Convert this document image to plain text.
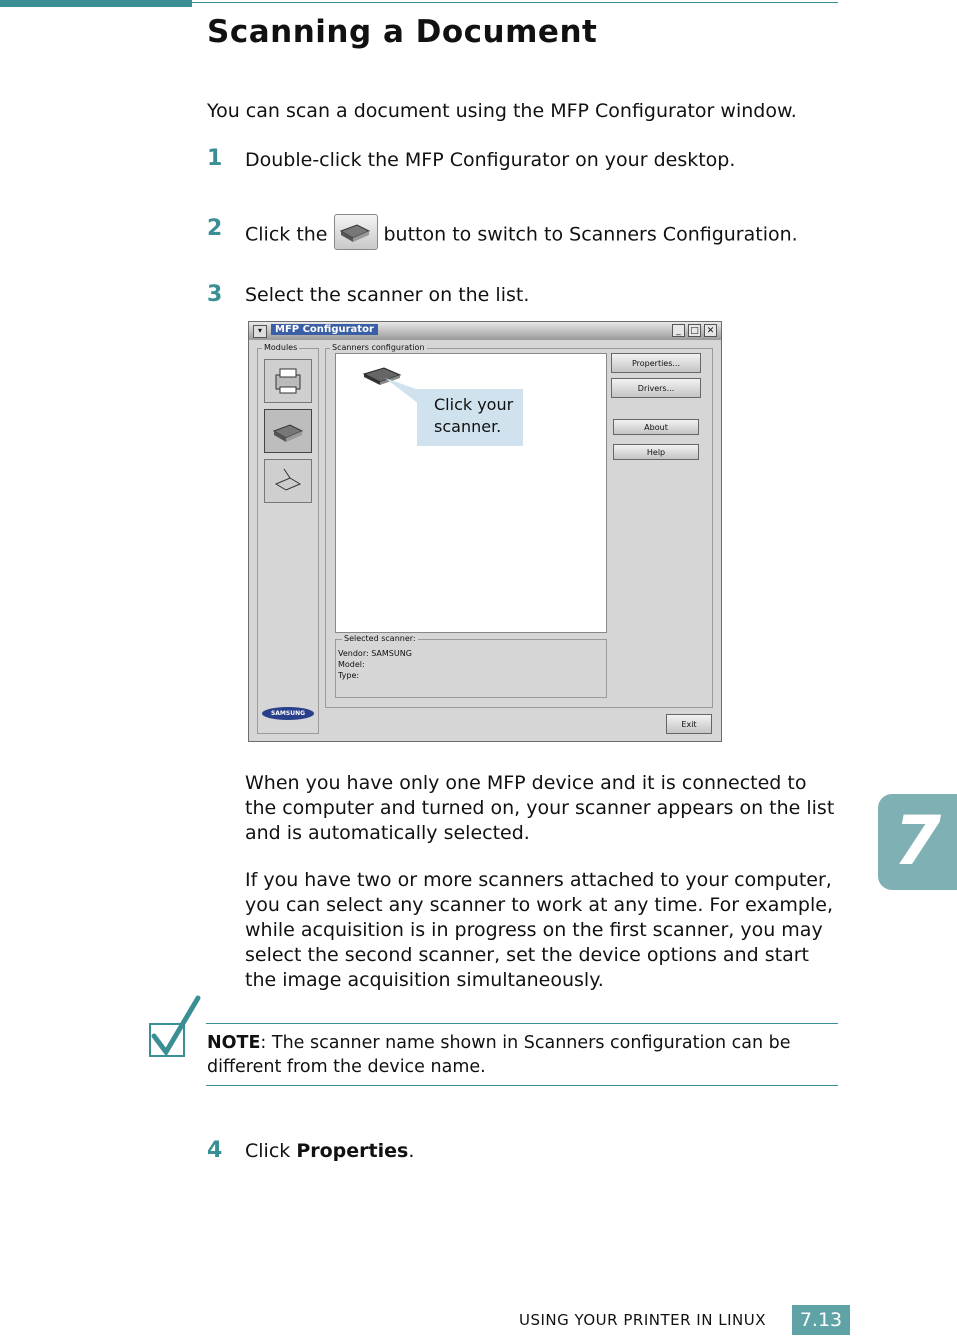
Scanning a Document
You can scan a document using the MFP Configurator window.
1 Double-click the MFP Configurator on your desktop.
2 Click the	button to switch to Scanners Configuration.
3 Select the scanner on the list.
▾	MFP Configurator	_	□ ✕
Modules
SAMSUNG
Scanners configuration
Click your scanner.
Selected scanner:
Vendor: SAMSUNG
Model:
Type:
Properties...
Drivers...
About
Help
Exit
When you have only one MFP device and it is connected to the computer and turned on, your scanner appears on the list and is automatically selected.
If you have two or more scanners attached to your computer, you can select any scanner to work at any time. For example, while acquisition is in progress on the first scanner, you may select the second scanner, set the device options and start the image acquisition simultaneously.
NOTE: The scanner name shown in Scanners configuration can be different from the device name.
4 Click Properties.
7
USING YOUR PRINTER IN LINUX	7.13
